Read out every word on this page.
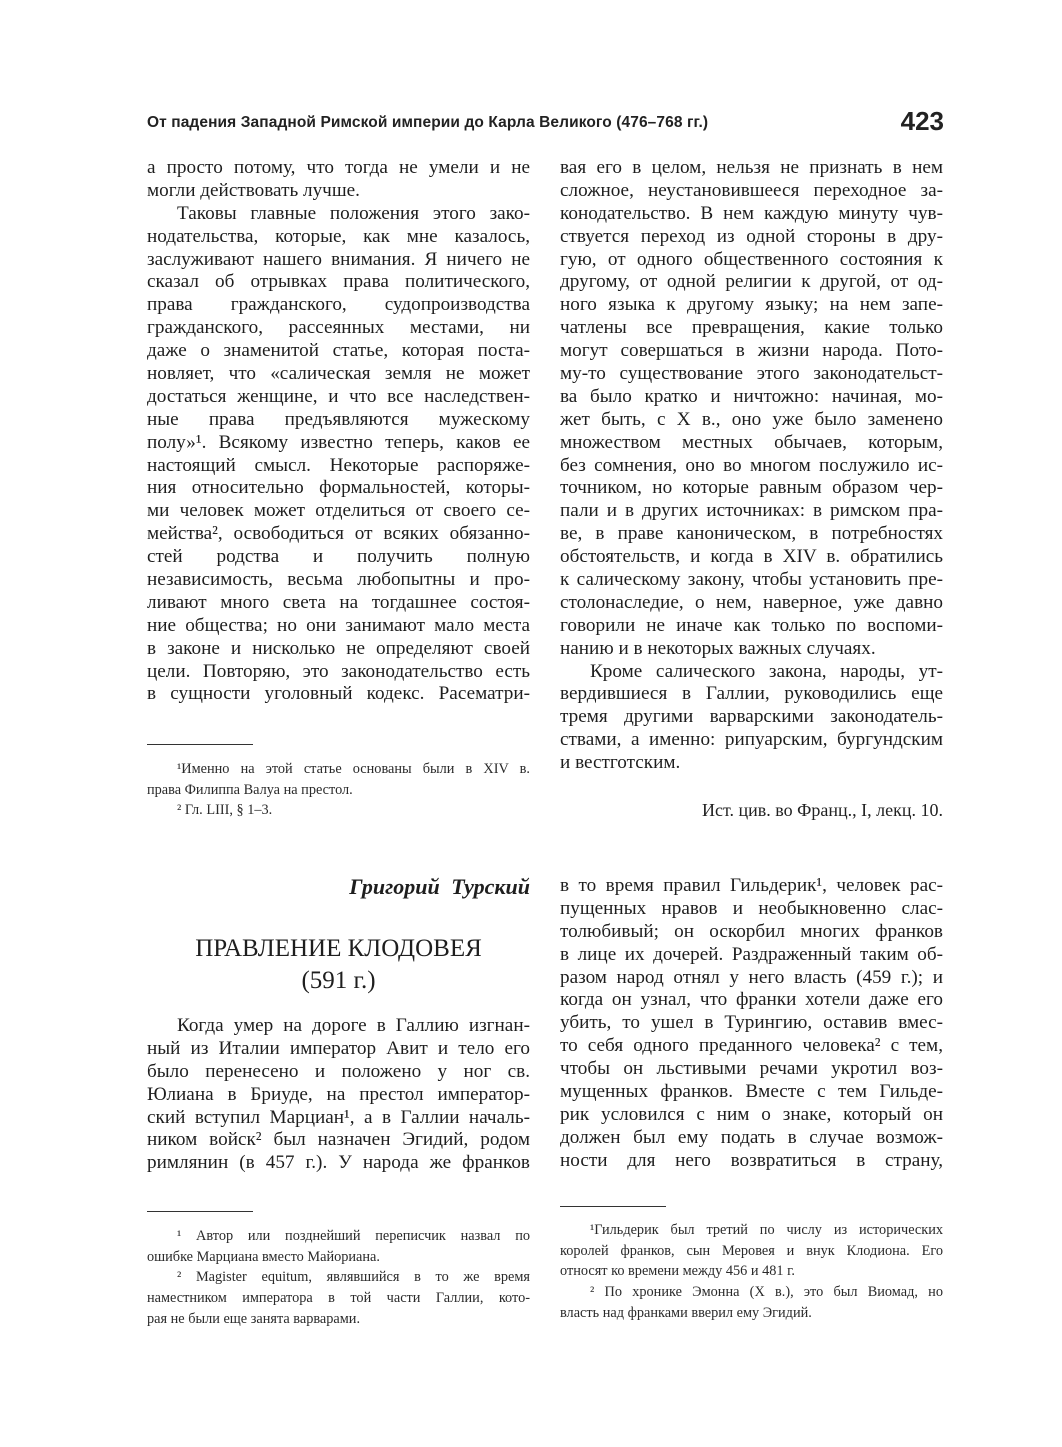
От падения Западной Римской империи до Карла Великого (476–768 гг.)	423
а просто потому, что тогда не умели и не
могли действовать лучше.
Таковы главные положения этого зако-
нодательства, которые, как мне казалось,
заслуживают нашего внимания. Я ничего не
сказал об отрывках права политического,
права гражданского, судопроизводства
гражданского, рассеянных местами, ни
даже о знаменитой статье, которая поста-
новляет, что «салическая земля не может
достаться женщине, и что все наследствен-
ные права предъявляются мужескому
полу»¹. Всякому известно теперь, каков ее
настоящий смысл. Некоторые распоряже-
ния относительно формальностей, которы-
ми человек может отделиться от своего се-
мейства², освободиться от всяких обязанно-
стей родства и получить полную
независимость, весьма любопытны и про-
ливают много света на тогдашнее состоя-
ние общества; но они занимают мало места
в законе и нисколько не определяют своей
цели. Повторяю, это законодательство есть
в сущности уголовный кодекс. Расематри-
¹Именно на этой статье основаны были в XIV в.
права Филиппа Валуа на престол.
² Гл. LIII, § 1–3.
вая его в целом, нельзя не признать в нем
сложное, неустановившееся переходное за-
конодательство. В нем каждую минуту чув-
ствуется переход из одной стороны в дру-
гую, от одного общественного состояния к
другому, от одной религии к другой, от од-
ного языка к другому языку; на нем запе-
чатлены все превращения, какие только
могут совершаться в жизни народа. Пото-
му-то существование этого законодательст-
ва было кратко и ничтожно: начиная, мо-
жет быть, с X в., оно уже было заменено
множеством местных обычаев, которым,
без сомнения, оно во многом послужило ис-
точником, но которые равным образом чер-
пали и в других источниках: в римском пра-
ве, в праве каноническом, в потребностях
обстоятельств, и когда в XIV в. обратились
к салическому закону, чтобы установить пре-
столонаследие, о нем, наверное, уже давно
говорили не иначе как только по воспоми-
нанию и в некоторых важных случаях.
Кроме салического закона, народы, ут-
вердившиеся в Галлии, руководились еще
тремя другими варварскими законодатель-
ствами, а именно: рипуарским, бургундским
и вестготским.
Ист. цив. во Франц., I, лекц. 10.
Григорий Турский
ПРАВЛЕНИЕ КЛОДОВЕЯ
(591 г.)
Когда умер на дороге в Галлию изгнан-
ный из Италии император Авит и тело его
было перенесено и положено у ног св.
Юлиана в Бриуде, на престол император-
ский вступил Марциан¹, а в Галлии началь-
ником войск² был назначен Эгидий, родом
римлянин (в 457 г.). У народа же франков
¹ Автор или позднейший переписчик назвал по
ошибке Марциана вместо Майориана.
² Magister equitum, являвшийся в то же время
наместником императора в той части Галлии, кото-
рая не были еще занята варварами.
в то время правил Гильдерик¹, человек рас-
пущенных нравов и необыкновенно слас-
толюбивый; он оскорбил многих франков
в лице их дочерей. Раздраженный таким об-
разом народ отнял у него власть (459 г.); и
когда он узнал, что франки хотели даже его
убить, то ушел в Турингию, оставив вмес-
то себя одного преданного человека² с тем,
чтобы он льстивыми речами укротил воз-
мущенных франков. Вместе с тем Гильде-
рик условился с ним о знаке, который он
должен был ему подать в случае возмож-
ности для него возвратиться в страну,
¹Гильдерик был третий по числу из исторических
королей франков, сын Меровея и внук Клодиона. Его
относят ко времени между 456 и 481 г.
² По хронике Эмонна (X в.), это был Виомад, но
власть над франками вверил ему Эгидий.
